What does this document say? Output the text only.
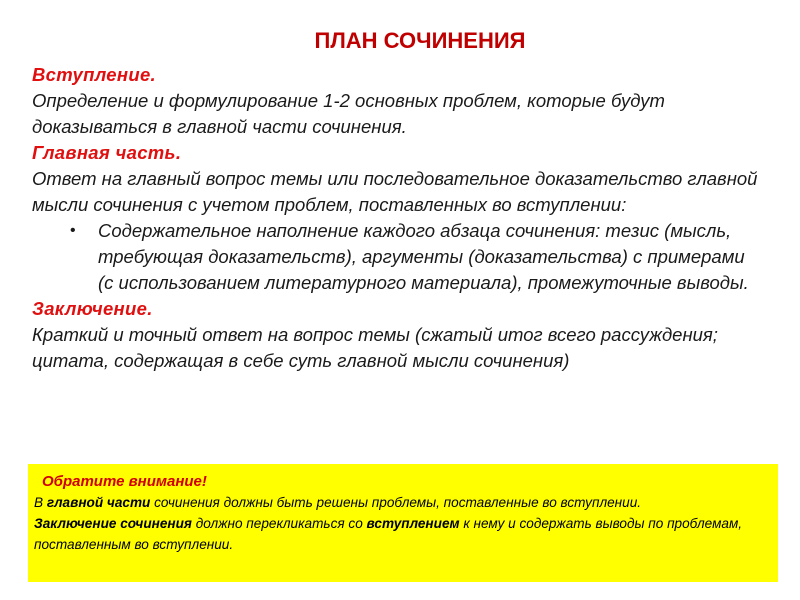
ПЛАН СОЧИНЕНИЯ
Вступление.

Определение и формулирование 1-2 основных проблем, которые будут доказываться в главной части сочинения.

Главная часть.

Ответ на главный вопрос темы или последовательное доказательство главной мысли сочинения с учетом проблем, поставленных во вступлении:

• Содержательное наполнение каждого абзаца сочинения: тезис (мысль, требующая доказательств), аргументы (доказательства) с примерами (с использованием литературного материала), промежуточные выводы.
Заключение.

Краткий и точный ответ на вопрос темы (сжатый итог всего рассуждения; цитата, содержащая в себе суть главной мысли сочинения)

Обратите внимание!

В главной части сочинения должны быть решены проблемы, поставленные во вступлении.

Заключение сочинения должно перекликаться со вступлением к нему и содержать выводы по проблемам, поставленным во вступлении.
